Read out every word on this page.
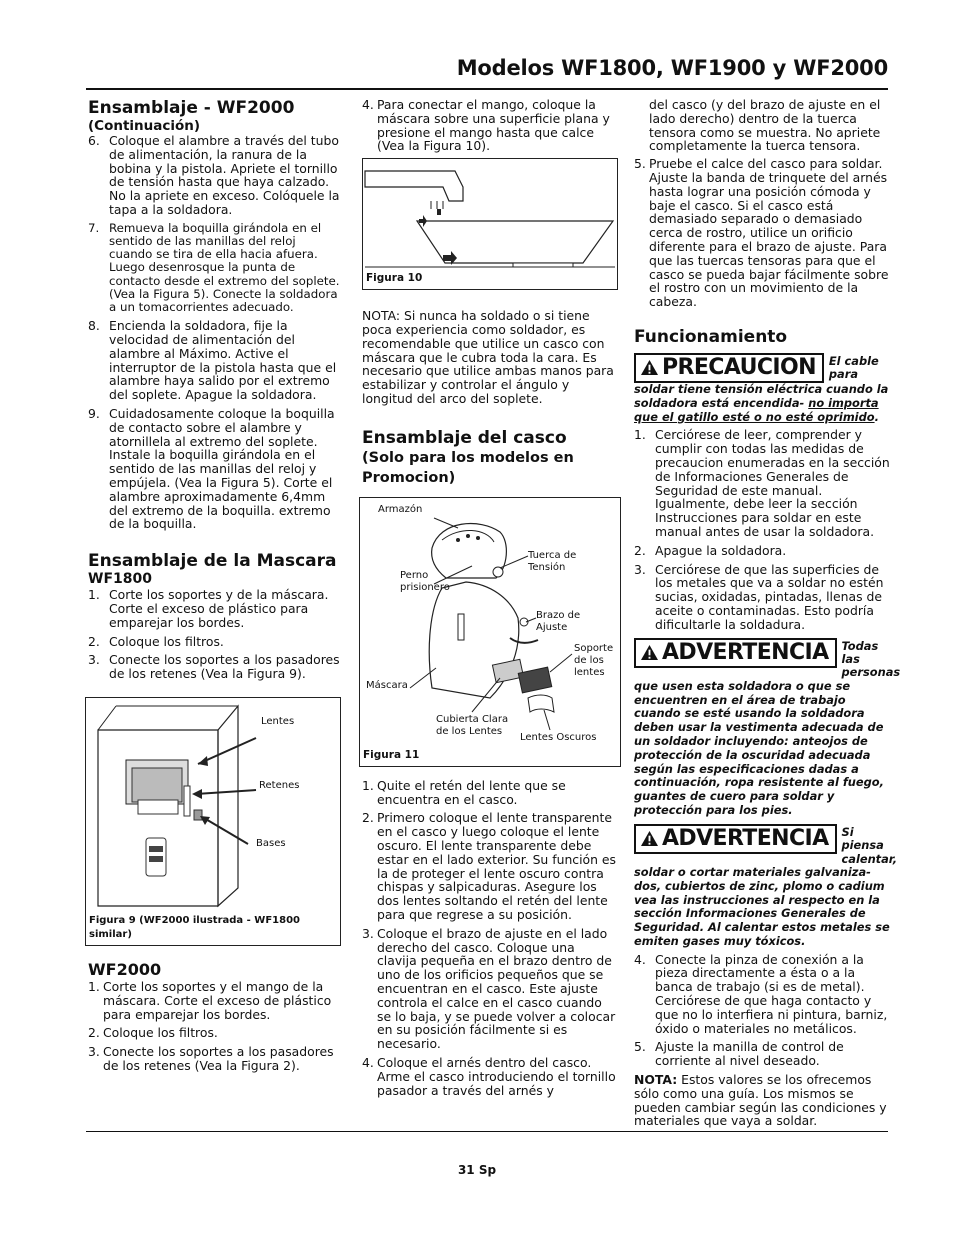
Modelos WF1800, WF1900 y WF2000
Ensamblaje - WF2000
(Continuación)
6. Coloque el alambre a través del tubo de alimentación, la ranura de la bobina y la pistola. Apriete el tornillo de tensión hasta que haya calzado. No la apriete en exceso. Colóquele la tapa a la soldadora.
7. Remueva la boquilla girándola en el sentido de las manillas del reloj cuando se tira de ella hacia afuera. Luego desenrosque la punta de contacto desde el extremo del soplete. (Vea la Figura 5). Conecte la soldadora a un tomacorrientes adecuado.
8. Encienda la soldadora, fije la velocidad de alimentación del alambre al Máximo. Active el interruptor de la pistola hasta que el alambre haya salido por el extremo del soplete. Apague la soldadora.
9. Cuidadosamente coloque la boquilla de contacto sobre el alambre y atornillela al extremo del soplete. Instale la boquilla girándola en el sentido de las manillas del reloj y empújela. (Vea la Figura 5). Corte el alambre aproximadamente 6,4mm del extremo de la boquilla. extremo de la boquilla.
Ensamblaje de la Mascara
WF1800
1. Corte los soportes y de la máscara. Corte el exceso de plástico para emparejar los bordes.
2. Coloque los filtros.
3. Conecte los soportes a los pasadores de los retenes (Vea la Figura 9).
Lentes
Retenes
Bases
Figura 9 (WF2000 ilustrada - WF1800 similar)
WF2000
1. Corte los soportes y el mango de la máscara. Corte el exceso de plástico para emparejar los bordes.
2. Coloque los filtros.
3. Conecte los soportes a los pasadores de los retenes (Vea la Figura 2).
4. Para conectar el mango, coloque la máscara sobre una superficie plana y presione el mango hasta que calce (Vea la Figura 10).
Figura 10

NOTA: Si nunca ha soldado o si tiene poca experiencia como soldador, es recomendable que utilice un casco con máscara que le cubra toda la cara. Es necesario que utilice ambas manos para estabilizar y controlar el ángulo y longitud del arco del soplete.

Ensamblaje del casco
(Solo para los modelos en Promocion)
Armazón
Tuerca de Tensión
Perno prisionero
Brazo de Ajuste
Soporte de los lentes
Máscara
Cubierta Clara de los Lentes
Lentes Oscuros
Figura 11
1. Quite el retén del lente que se encuentra en el casco.
2. Primero coloque el lente transparente en el casco y luego coloque el lente oscuro. El lente transparente debe estar en el lado exterior. Su función es la de proteger el lente oscuro contra chispas y salpicaduras. Asegure los dos lentes soltando el retén del lente para que regrese a su posición.
3. Coloque el brazo de ajuste en el lado derecho del casco. Coloque una clavija pequeña en el brazo dentro de uno de los orificios pequeños que se encuentran en el casco. Este ajuste controla el calce en el casco cuando se lo baja, y se puede volver a colocar en su posición fácilmente si es necesario.
4. Coloque el arnés dentro del casco. Arme el casco introduciendo el tornillo pasador a través del arnés y

del casco (y del brazo de ajuste en el lado derecho) dentro de la tuerca tensora como se muestra. No apriete completamente la tuerca tensora.

5. Pruebe el calce del casco para soldar. Ajuste la banda de trinquete del arnés hasta lograr una posición cómoda y baje el casco. Si el casco está demasiado separado o demasiado cerca de rostro, utilice un orificio diferente para el brazo de ajuste. Para que las tuercas tensoras para que el casco se pueda bajar fácilmente sobre el rostro con un movimiento de la cabeza.
Funcionamiento
PRECAUCION	El cable para

soldar tiene tensión eléctrica cuando la soldadora está encendida- no importa que el gatillo esté o no esté oprimido.

1. Cerciórese de leer, comprender y cumplir con todas las medidas de precaucion enumeradas en la sección de Informaciones Generales de Seguridad de este manual. Igualmente, debe leer la sección Instrucciones para soldar en este manual antes de usar la soldadora.
2. Apague la soldadora.
3. Cerciórese de que las superficies de los metales que va a soldar no estén sucias, oxidadas, pintadas, llenas de aceite o contaminadas. Esto podría dificultarle la soldadura.
ADVERTENCIA	Todas las personas

que usen esta soldadora o que se encuentren en el área de trabajo cuando se esté usando la soldadora deben usar la vestimenta adecuada de un soldador incluyendo: anteojos de protección de la oscuridad adecuada según las especificaciones dadas a continuación, ropa resistente al fuego, guantes de cuero para soldar y protección para los pies.

ADVERTENCIA	Si piensa calentar,

soldar o cortar materiales galvaniza-dos, cubiertos de zinc, plomo o cadium vea las instrucciones al respecto en la sección Informaciones Generales de Seguridad. Al calentar estos metales se emiten gases muy tóxicos.

4. Conecte la pinza de conexión a la pieza directamente a ésta o a la banca de trabajo (si es de metal). Cerciórese de que haga contacto y que no lo interfiera ni pintura, barniz, óxido o materiales no metálicos.
5. Ajuste la manilla de control de corriente al nivel deseado.

NOTA: Estos valores se los ofrecemos sólo como una guía. Los mismos se pueden cambiar según las condiciones y materiales que vaya a soldar.

31 Sp
